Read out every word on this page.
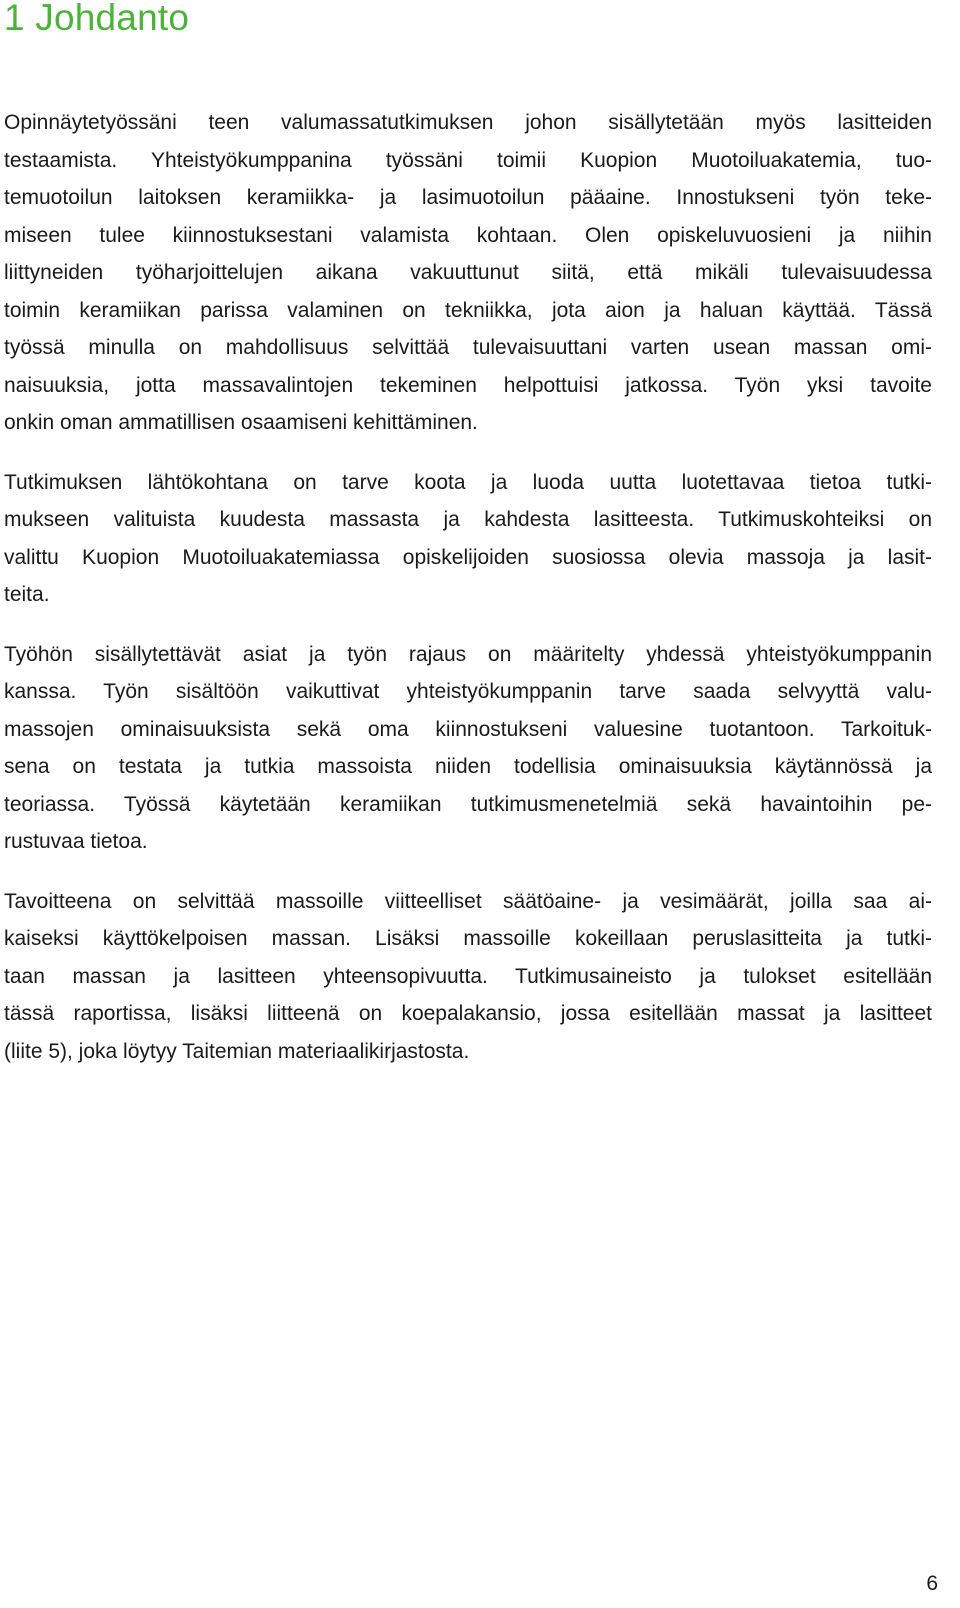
1 Johdanto

Opinnäytetyössäni teen valumassatutkimuksen johon sisällytetään myös lasitteiden
testaamista. Yhteistyökumppanina työssäni toimii Kuopion Muotoiluakatemia, tuo-
temuotoilun laitoksen keramiikka- ja lasimuotoilun pääaine. Innostukseni työn teke-
miseen tulee kiinnostuksestani valamista kohtaan. Olen opiskeluvuosieni ja niihin
liittyneiden työharjoittelujen aikana vakuuttunut siitä, että mikäli tulevaisuudessa
toimin keramiikan parissa valaminen on tekniikka, jota aion ja haluan käyttää. Tässä
työssä minulla on mahdollisuus selvittää tulevaisuuttani varten usean massan omi-
naisuuksia, jotta massavalintojen tekeminen helpottuisi jatkossa. Työn yksi tavoite
onkin oman ammatillisen osaamiseni kehittäminen.

Tutkimuksen lähtökohtana on tarve koota ja luoda uutta luotettavaa tietoa tutki-
mukseen valituista kuudesta massasta ja kahdesta lasitteesta. Tutkimuskohteiksi on
valittu Kuopion Muotoiluakatemiassa opiskelijoiden suosiossa olevia massoja ja lasit-
teita.

Työhön sisällytettävät asiat ja työn rajaus on määritelty yhdessä yhteistyökumppanin
kanssa. Työn sisältöön vaikuttivat yhteistyökumppanin tarve saada selvyyttä valu-
massojen ominaisuuksista sekä oma kiinnostukseni valuesine tuotantoon. Tarkoituk-
sena on testata ja tutkia massoista niiden todellisia ominaisuuksia käytännössä ja
teoriassa. Työssä käytetään keramiikan tutkimusmenetelmiä sekä havaintoihin pe-
rustuvaa tietoa.

Tavoitteena on selvittää massoille viitteelliset säätöaine- ja vesimäärät, joilla saa ai-
kaiseksi käyttökelpoisen massan. Lisäksi massoille kokeillaan peruslasitteita ja tutki-
taan massan ja lasitteen yhteensopivuutta. Tutkimusaineisto ja tulokset esitellään
tässä raportissa, lisäksi liitteenä on koepalakansio, jossa esitellään massat ja lasitteet
(liite 5), joka löytyy Taitemian materiaalikirjastosta.

6
